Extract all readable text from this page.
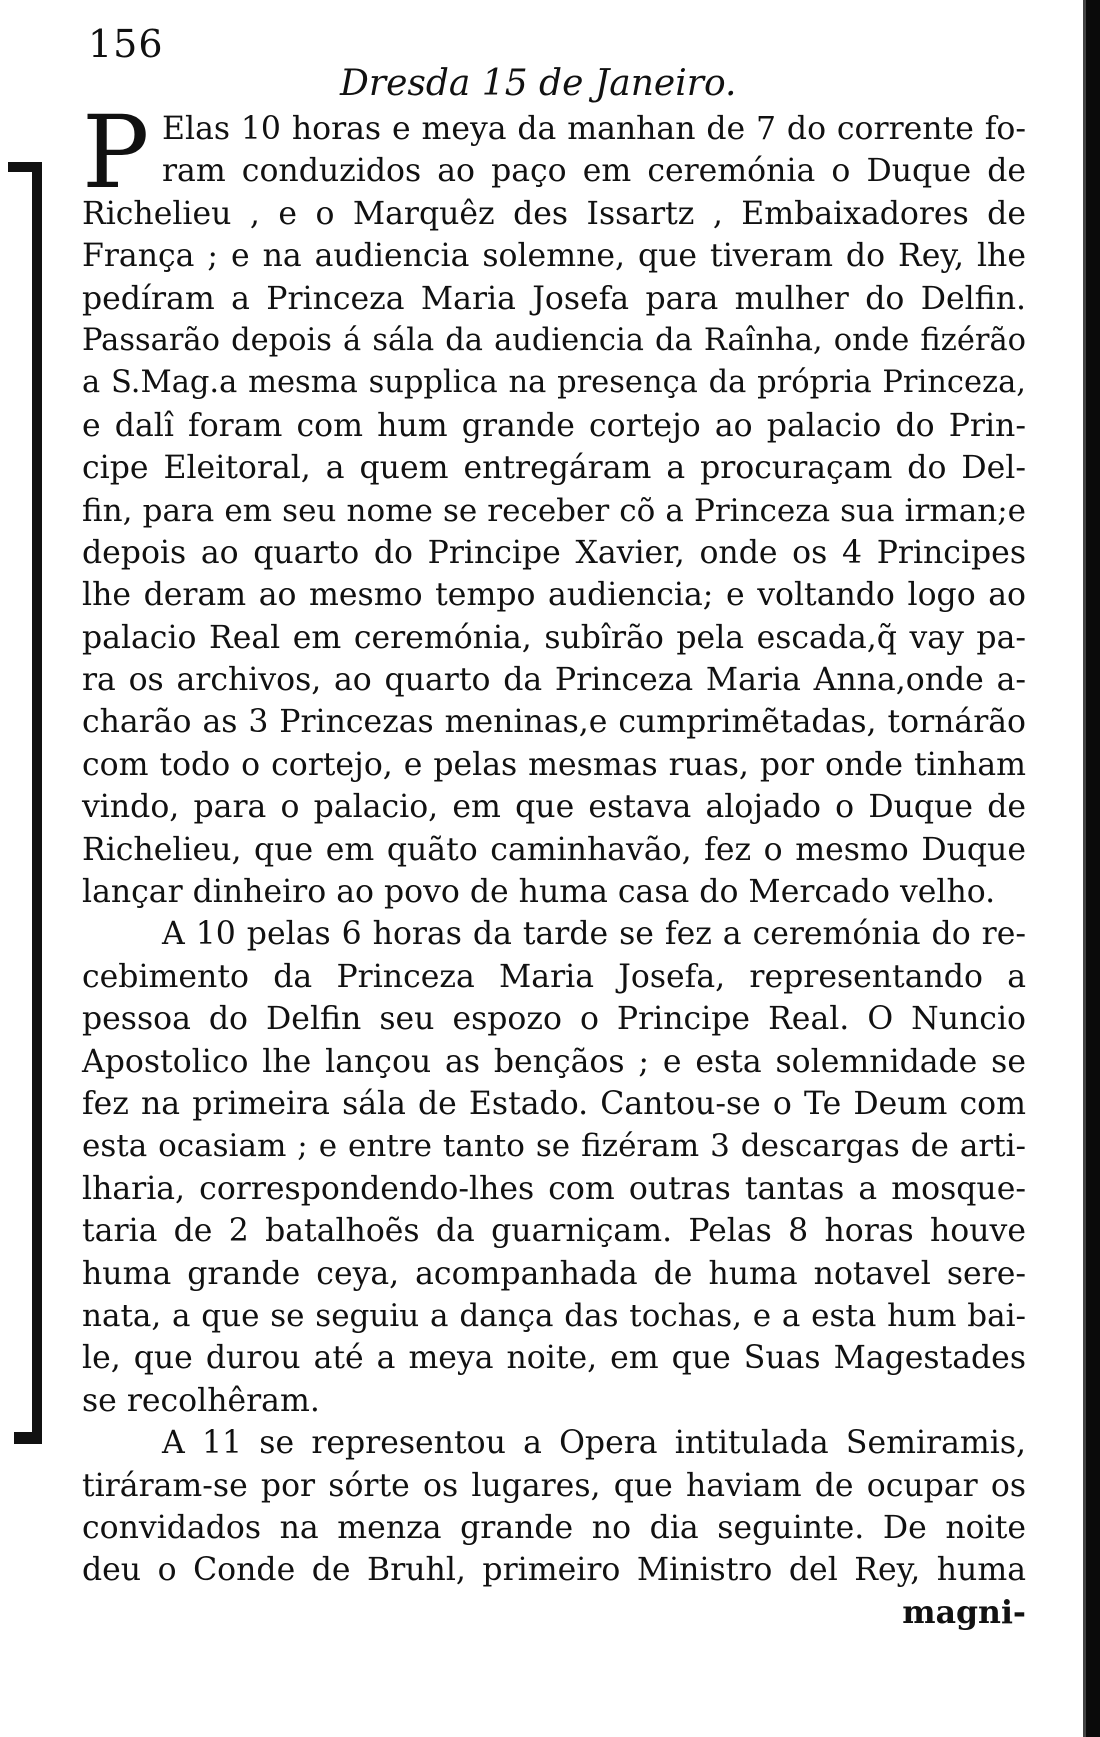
156
Dresda 15 de Janeiro.
P Elas 10 horas e meya da manhan de 7 do corrente fo-
ram conduzidos ao paço em ceremónia o Duque de
Richelieu , e o Marquêz des Issartz , Embaixadores de
França ; e na audiencia solemne, que tiveram do Rey, lhe
pedíram a Princeza Maria Josefa para mulher do Delfin.
Passarão depois á sála da audiencia da Raînha, onde fizérão
a S.Mag.a mesma supplica na presença da própria Princeza,
e dalî foram com hum grande cortejo ao palacio do Prin-
cipe Eleitoral, a quem entregáram a procuraçam do Del-
fin, para em seu nome se receber cõ a Princeza sua irman;e
depois ao quarto do Principe Xavier, onde os 4 Principes
lhe deram ao mesmo tempo audiencia; e voltando logo ao
palacio Real em ceremónia, subîrão pela escada,q̃ vay pa-
ra os archivos, ao quarto da Princeza Maria Anna,onde a-
charão as 3 Princezas meninas,e cumprimẽtadas, tornárão
com todo o cortejo, e pelas mesmas ruas, por onde tinham
vindo, para o palacio, em que estava alojado o Duque de
Richelieu, que em quãto caminhavão, fez o mesmo Duque
lançar dinheiro ao povo de huma casa do Mercado velho.
A 10 pelas 6 horas da tarde se fez a ceremónia do re-
cebimento da Princeza Maria Josefa, representando a
pessoa do Delfin seu espozo o Principe Real. O Nuncio
Apostolico lhe lançou as bençãos ; e esta solemnidade se
fez na primeira sála de Estado. Cantou-se o Te Deum com
esta ocasiam ; e entre tanto se fizéram 3 descargas de arti-
lharia, correspondendo-lhes com outras tantas a mosque-
taria de 2 batalhoẽs da guarniçam. Pelas 8 horas houve
huma grande ceya, acompanhada de huma notavel sere-
nata, a que se seguiu a dança das tochas, e a esta hum bai-
le, que durou até a meya noite, em que Suas Magestades
se recolhêram.
A 11 se representou a Opera intitulada Semiramis,
tiráram-se por sórte os lugares, que haviam de ocupar os
convidados na menza grande no dia seguinte. De noite
deu o Conde de Bruhl, primeiro Ministro del Rey, huma
magni-
